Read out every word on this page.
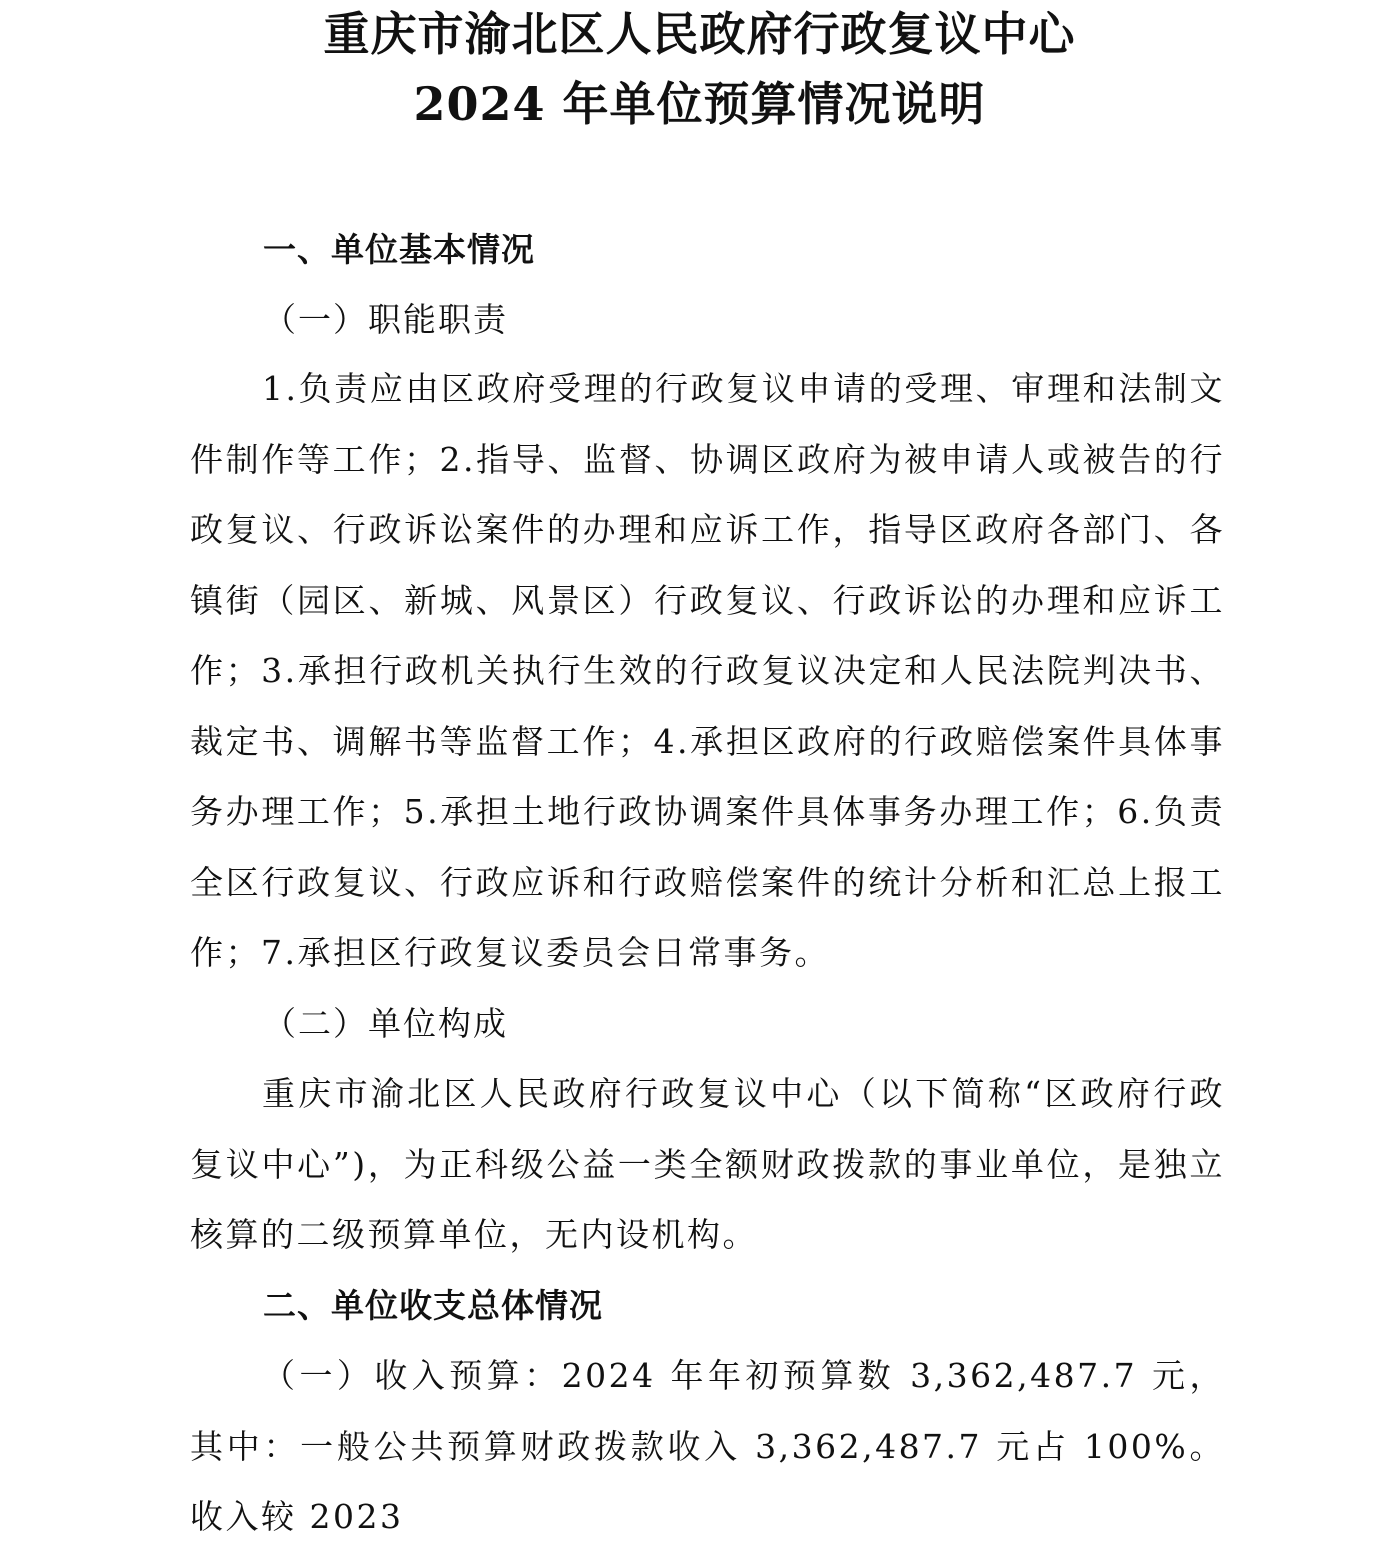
重庆市渝北区人民政府行政复议中心
2024 年单位预算情况说明
一、单位基本情况
（一）职能职责
1.负责应由区政府受理的行政复议申请的受理、审理和法制文件制作等工作；2.指导、监督、协调区政府为被申请人或被告的行政复议、行政诉讼案件的办理和应诉工作，指导区政府各部门、各镇街（园区、新城、风景区）行政复议、行政诉讼的办理和应诉工作；3.承担行政机关执行生效的行政复议决定和人民法院判决书、裁定书、调解书等监督工作；4.承担区政府的行政赔偿案件具体事务办理工作；5.承担土地行政协调案件具体事务办理工作；6.负责全区行政复议、行政应诉和行政赔偿案件的统计分析和汇总上报工作；7.承担区行政复议委员会日常事务。
（二）单位构成
重庆市渝北区人民政府行政复议中心（以下简称“区政府行政复议中心”)，为正科级公益一类全额财政拨款的事业单位，是独立核算的二级预算单位，无内设机构。
二、单位收支总体情况
（一）收入预算：2024 年年初预算数 3,362,487.7 元，其中：一般公共预算财政拨款收入 3,362,487.7 元占 100%。收入较 2023
